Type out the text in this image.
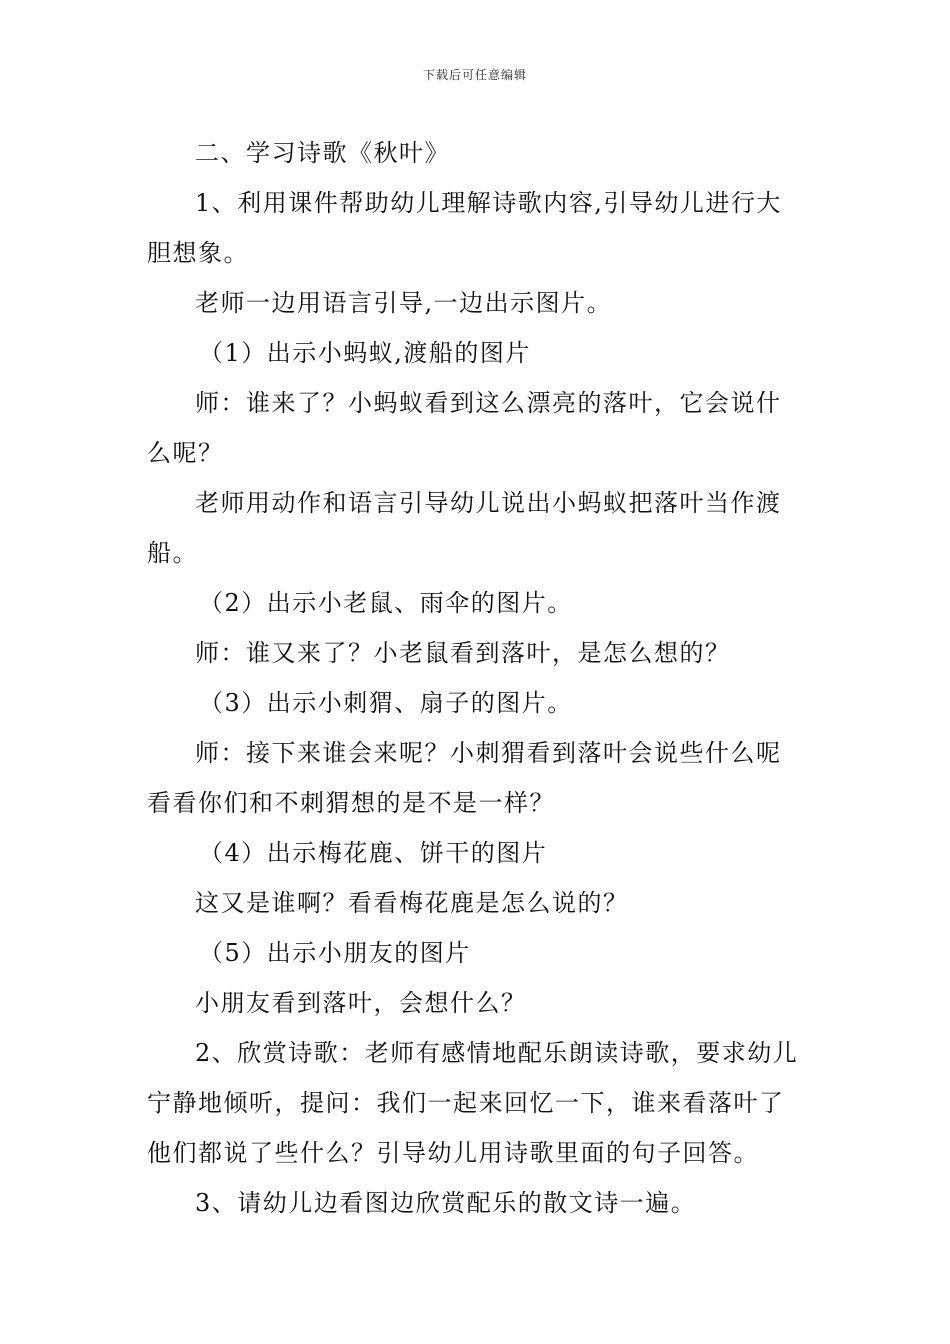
下载后可任意编辑

二、学习诗歌《秋叶》

1、利用课件帮助幼儿理解诗歌内容,引导幼儿进行大

胆想象。

老师一边用语言引导,一边出示图片。

（1）出示小蚂蚁,渡船的图片

师：谁来了？小蚂蚁看到这么漂亮的落叶，它会说什

么呢？

老师用动作和语言引导幼儿说出小蚂蚁把落叶当作渡

船。

（2）出示小老鼠、雨伞的图片。

师：谁又来了？小老鼠看到落叶，是怎么想的？

（3）出示小刺猬、扇子的图片。

师：接下来谁会来呢？小刺猬看到落叶会说些什么呢

看看你们和不刺猬想的是不是一样？

（4）出示梅花鹿、饼干的图片

这又是谁啊？看看梅花鹿是怎么说的？

（5）出示小朋友的图片

小朋友看到落叶，会想什么？

2、欣赏诗歌：老师有感情地配乐朗读诗歌，要求幼儿

宁静地倾听，提问：我们一起来回忆一下，谁来看落叶了

他们都说了些什么？引导幼儿用诗歌里面的句子回答。

3、请幼儿边看图边欣赏配乐的散文诗一遍。
